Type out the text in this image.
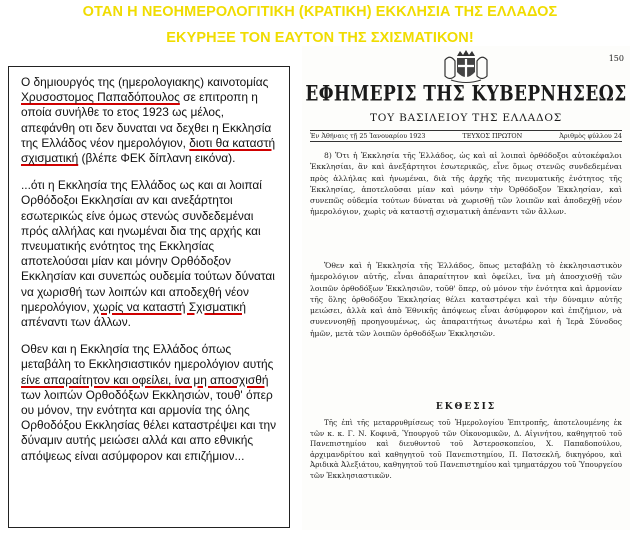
ΟΤΑΝ Η ΝΕΟΗΜΕΡΟΛΟΓΙΤΙΚΗ (ΚΡΑΤΙΚΗ) ΕΚΚΛΗΣΙΑ ΤΗΣ ΕΛΛΑΔΟΣ
ΕΚΥΡΗΞΕ ΤΟΝ ΕΑΥΤΟΝ ΤΗΣ ΣΧΙΣΜΑΤΙΚΟΝ!

Ο δημιουργός της (ημερολογιακης) καινοτομίας Χρυσοστομος Παπαδόπουλος σε επιτροπη η οποία συνήλθε το ετος 1923 ως μέλος, απεφάνθη οτι δεν δυναται να δεχθει η Εκκλησία της Ελλάδος νέον ημερολόγιον, διοτι θα καταστή σχισματική (βλέπε ΦΕΚ δίπλανη εικόνα).

...ότι η Εκκλησία της Ελλάδος ως και αι λοιπαί Ορθόδοξοι Εκκλησίαι αν και ανεξάρτητοι εσωτερικώς είνε όμως στενώς συνδεδεμέναι πρός αλλήλας και ηνωμέναι δια της αρχής και πνευματικής ενότητος της Εκκλησίας αποτελούσαι μίαν και μόνην Ορθόδοξον Εκκλησίαν και συνεπώς ουδεμία τούτων δύναται να χωρισθή των λοιπών και αποδεχθή νέον ημερολόγιον, χωρίς να καταστή Σχισματική απέναντι των άλλων.

Οθεν και η Εκκλησία της Ελλάδος όπως μεταβάλη το Εκκλησιαστικόν ημερολόγιον αυτής είνε απαραίτητον και οφείλει, ίνα μη αποσχισθή των λοιπών Ορθοδόξων Εκκλησιών, τουθ' όπερ ου μόνον, την ενότητα και αρμονία της όλης Ορθοδόξου Εκκλησίας θέλει καταστρέψει και την δύναμιν αυτής μειώσει αλλά και απο εθνικής απόψεως είναι ασύμφορον και επιζήμιον...

150
ΕΦΗΜΕΡΙΣ ΤΗΣ ΚΥΒΕΡΝΗΣΕΩΣ
ΤΟΥ ΒΑΣΙΛΕΙΟΥ ΤΗΣ ΕΛΛΑΔΟΣ
Ἐν Ἀθήναις τῇ 25 Ἰανουαρίου 1923	ΤΕΥΧΟΣ ΠΡΩΤΟΝ	Ἀριθμὸς φύλλου 24
8) Ὅτι ἡ Ἐκκλησία τῆς Ἑλλάδος, ὡς καὶ αἱ λοιπαὶ ὀρθόδοξοι αὐτοκέφαλοι Ἐκκλησίαι, ἂν καὶ ἀνεξάρτητοι ἐσωτερικῶς, εἶνε ὅμως στενῶς συνδεδεμέναι πρὸς ἀλλήλας καὶ ἡνωμέναι, διὰ τῆς ἀρχῆς τῆς πνευματικῆς ἑνότητος τῆς Ἐκκλησίας, ἀποτελοῦσαι μίαν καὶ μόνην τὴν Ὀρθόδοξον Ἐκκλησίαν, καὶ συνεπῶς οὐδεμία τούτων δύναται νὰ χωρισθῇ τῶν λοιπῶν καὶ ἀποδεχθῇ νέον ἡμερολόγιον, χωρὶς νὰ καταστῇ σχισματικὴ ἀπέναντι τῶν ἄλλων.
Ὅθεν καὶ ἡ Ἐκκλησία τῆς Ἑλλάδος, ὅπως μεταβάλῃ τὸ ἐκκλησιαστικὸν ἡμερολόγιον αὐτῆς, εἶναι ἀπαραίτητον καὶ ὀφείλει, ἵνα μὴ ἀποσχισθῇ τῶν λοιπῶν ὀρθοδόξων Ἐκκλησιῶν, τοῦθ' ὅπερ, οὐ μόνον τὴν ἑνότητα καὶ ἁρμονίαν τῆς ὅλης ὀρθοδόξου Ἐκκλησίας θέλει καταστρέψει καὶ τὴν δύναμιν αὐτῆς μειώσει, ἀλλὰ καὶ ἀπὸ Ἐθνικῆς ἀπόψεως εἶναι ἀσύμφορον καὶ ἐπιζήμιον, νὰ συνεννοηθῇ προηγουμένως, ὡς ἀπαραιτήτως ἀνωτέρω καὶ ἡ Ἱερὰ Σύνοδος ἡμῶν, μετὰ τῶν λοιπῶν ὀρθοδόξων Ἐκκλησιῶν.
ΕΚΘΕΣΙΣ
Τῆς ἐπὶ τῆς μεταρρυθμίσεως τοῦ Ἡμερολογίου Ἐπιτροπῆς, ἀποτελουμένης ἐκ τῶν κ. κ. Γ. Ν. Κοφινᾶ, Ὑπουργοῦ τῶν Οἰκονομικῶν, Δ. Αἰγινήτου, καθηγητοῦ τοῦ Πανεπιστημίου καὶ διευθυντοῦ τοῦ Ἀστεροσκοπείου, Χ. Παπαδοπούλου, ἀρχιμανδρίτου καὶ καθηγητοῦ τοῦ Πανεπιστημίου, Π. Πατσεκλῆ, δικηγόρου, καὶ Ἀριδικὰ Ἀλεξιάτου, καθηγητοῦ τοῦ Πανεπιστημίου καὶ τμηματάρχου τοῦ Ὑπουργείου τῶν Ἐκκλησιαστικῶν.
